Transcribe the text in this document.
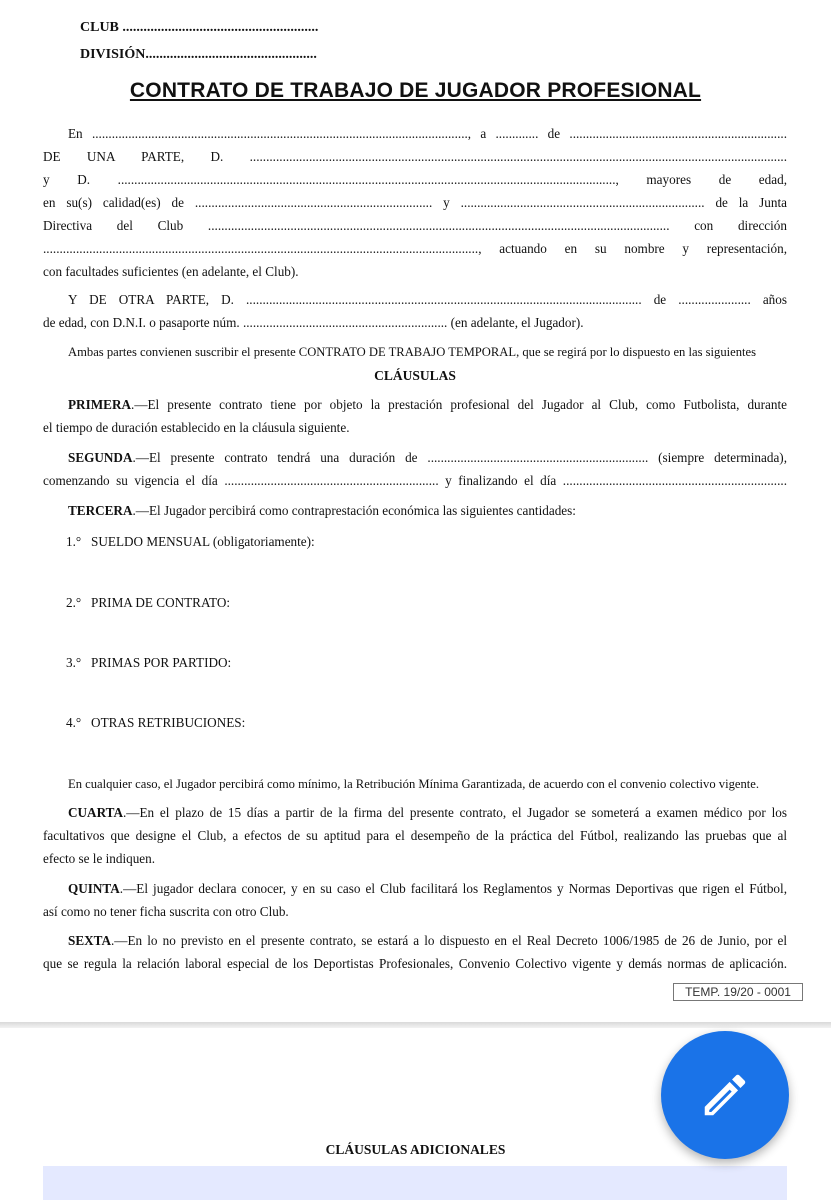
CLUB ........................................................
DIVISIÓN.................................................
CONTRATO DE TRABAJO DE JUGADOR PROFESIONAL
En .................................................................................................................., a ............. de ..................................................................
DE UNA PARTE, D. ...................................................................................................................................................................
y D. ......................................................................................................................................................., mayores de edad,
en su(s) calidad(es) de ........................................................................ y .......................................................................... de la Junta
Directiva del Club ............................................................................................................................................ con dirección
...................................................................................................................................., actuando en su nombre y representación,
con facultades suficientes (en adelante, el Club).
Y DE OTRA PARTE, D. ........................................................................................................................ de ...................... años
de edad, con D.N.I. o pasaporte núm. .............................................................. (en adelante, el Jugador).
Ambas partes convienen suscribir el presente CONTRATO DE TRABAJO TEMPORAL, que se regirá por lo dispuesto en las siguientes
CLÁUSULAS
PRIMERA.—El presente contrato tiene por objeto la prestación profesional del Jugador al Club, como Futbolista, durante
el tiempo de duración establecido en la cláusula siguiente.
SEGUNDA.—El presente contrato tendrá una duración de ................................................................... (siempre determinada),
comenzando su vigencia el día ................................................................. y finalizando el día ....................................................................
TERCERA.—El Jugador percibirá como contraprestación económica las siguientes cantidades:
1.°   SUELDO MENSUAL (obligatoriamente):
2.°   PRIMA DE CONTRATO:
3.°   PRIMAS POR PARTIDO:
4.°   OTRAS RETRIBUCIONES:
En cualquier caso, el Jugador percibirá como mínimo, la Retribución Mínima Garantizada, de acuerdo con el convenio colectivo vigente.
CUARTA.—En el plazo de 15 días a partir de la firma del presente contrato, el Jugador se someterá a examen médico por los
facultativos que designe el Club, a efectos de su aptitud para el desempeño de la práctica del Fútbol, realizando las pruebas que al
efecto se le indiquen.
QUINTA.—El jugador declara conocer, y en su caso el Club facilitará los Reglamentos y Normas Deportivas que rigen el Fútbol,
así como no tener ficha suscrita con otro Club.
SEXTA.—En lo no previsto en el presente contrato, se estará a lo dispuesto en el Real Decreto 1006/1985 de 26 de Junio, por el
que se regula la relación laboral especial de los Deportistas Profesionales, Convenio Colectivo vigente y demás normas de aplicación.
TEMP. 19/20 - 0001
CLÁUSULAS ADICIONALES
